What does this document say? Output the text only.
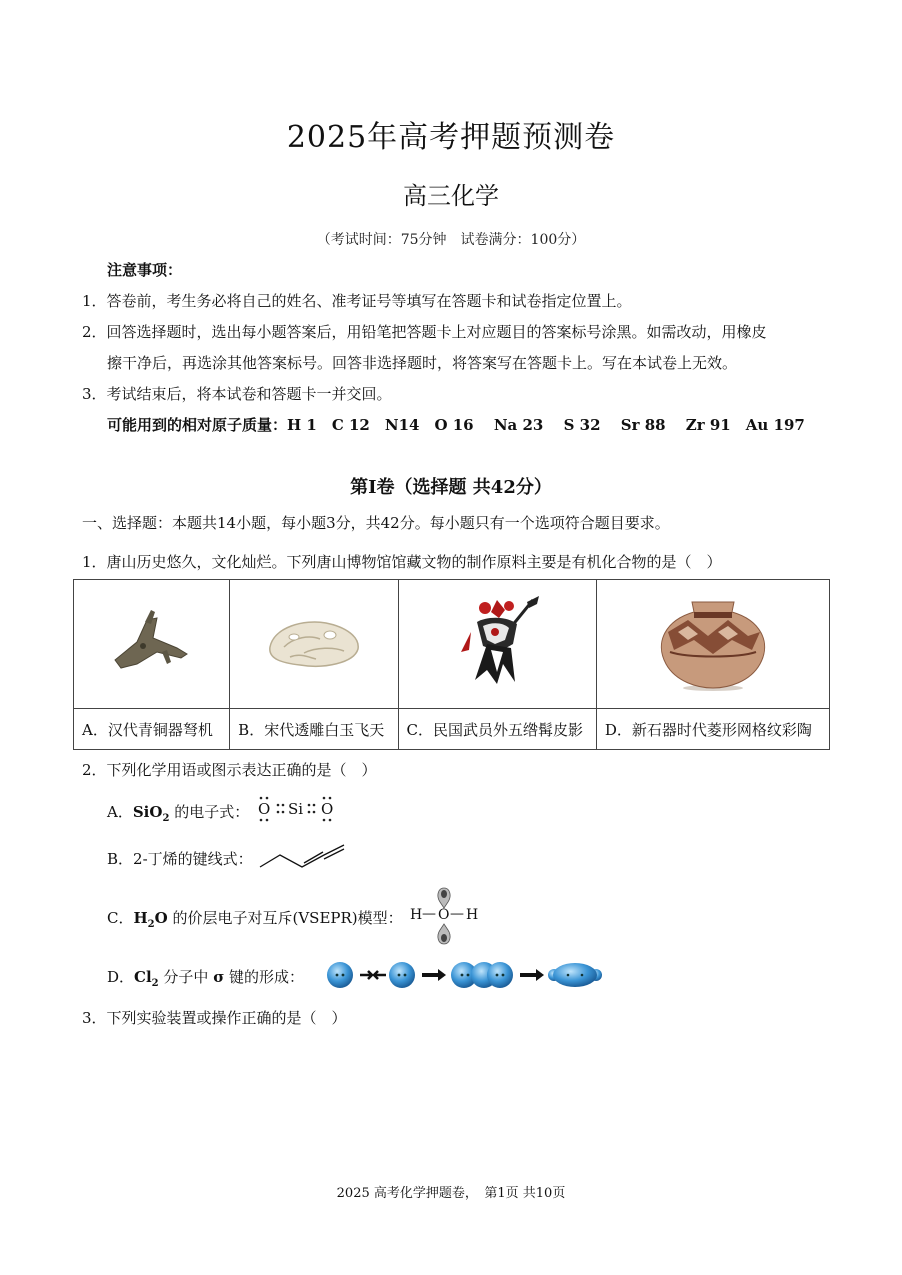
2025年高考押题预测卷
高三化学
（考试时间：75分钟　试卷满分：100分）
注意事项：
1．答卷前，考生务必将自己的姓名、准考证号等填写在答题卡和试卷指定位置上。
2．回答选择题时，选出每小题答案后，用铅笔把答题卡上对应题目的答案标号涂黑。如需改动，用橡皮
擦干净后，再选涂其他答案标号。回答非选择题时，将答案写在答题卡上。写在本试卷上无效。
3．考试结束后，将本试卷和答题卡一并交回。
可能用到的相对原子质量：H 1　C 12　N14　O 16　 Na 23　 S 32　 Sr 88　 Zr 91　Au 197
第I卷（选择题 共42分）
一、选择题：本题共14小题，每小题3分，共42分。每小题只有一个选项符合题目要求。
1．唐山历史悠久，文化灿烂。下列唐山博物馆馆藏文物的制作原料主要是有机化合物的是（　）

A．汉代青铜器弩机	B．宋代透雕白玉飞天	C．民国武员外五绺髯皮影	D．新石器时代菱形网格纹彩陶
2．下列化学用语或图示表达正确的是（　）
A．SiO$_2$ 的电子式： O Si O
B．2-丁烯的键线式：
C．$H_2O$ 的价层电子对互斥(VSEPR)模型： H — O — H
D．$Cl_2$ 分子中 σ 键的形成：
3．下列实验装置或操作正确的是（　）
2025 高考化学押题卷，　第1页 共10页
